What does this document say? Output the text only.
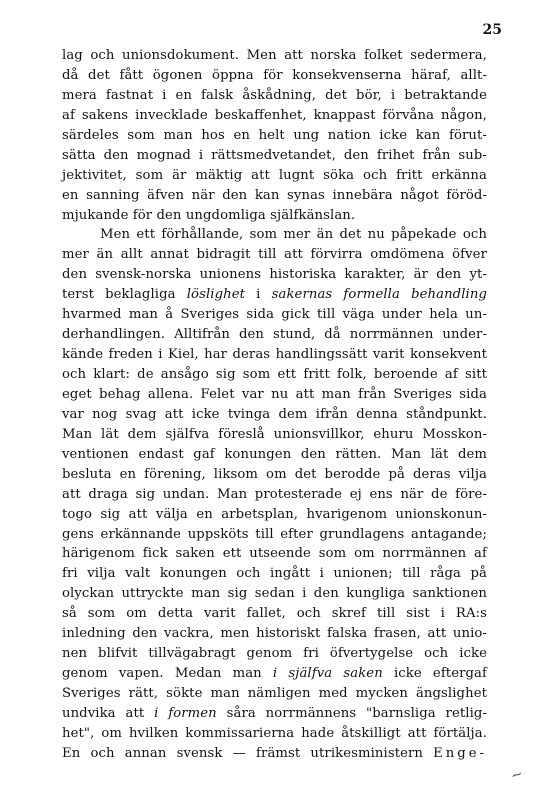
25
lag och unionsdokument. Men att norska folket sedermera,
då det fått ögonen öppna för konsekvenserna häraf, allt-
mera fastnat i en falsk åskådning, det bör, i betraktande
af sakens invecklade beskaffenhet, knappast förvåna någon,
särdeles som man hos en helt ung nation icke kan förut-
sätta den mognad i rättsmedvetandet, den frihet från sub-
jektivitet, som är mäktig att lugnt söka och fritt erkänna
en sanning äfven när den kan synas innebära något föröd-
mjukande för den ungdomliga själfkänslan.
Men ett förhållande, som mer än det nu påpekade och
mer än allt annat bidragit till att förvirra omdömena öfver
den svensk-norska unionens historiska karakter, är den yt-
terst beklagliga löslighet i sakernas formella behandling
hvarmed man å Sveriges sida gick till väga under hela un-
derhandlingen. Alltifrån den stund, då norrmännen under-
kände freden i Kiel, har deras handlingssätt varit konsekvent
och klart: de ansågo sig som ett fritt folk, beroende af sitt
eget behag allena. Felet var nu att man från Sveriges sida
var nog svag att icke tvinga dem ifrån denna ståndpunkt.
Man lät dem själfva föreslå unionsvillkor, ehuru Mosskon-
ventionen endast gaf konungen den rätten. Man lät dem
besluta en förening, liksom om det berodde på deras vilja
att draga sig undan. Man protesterade ej ens när de före-
togo sig att välja en arbetsplan, hvarigenom unionskonun-
gens erkännande uppsköts till efter grundlagens antagande;
härigenom fick saken ett utseende som om norrmännen af
fri vilja valt konungen och ingått i unionen; till råga på
olyckan uttryckte man sig sedan i den kungliga sanktionen
så som om detta varit fallet, och skref till sist i RA:s
inledning den vackra, men historiskt falska frasen, att unio-
nen blifvit tillvägabragt genom fri öfvertygelse och icke
genom vapen. Medan man i själfva saken icke eftergaf
Sveriges rätt, sökte man nämligen med mycken ängslighet
undvika att i formen såra norrmännens "barnsliga retlig-
het", om hvilken kommissarierna hade åtskilligt att förtälja.
En och annan svensk — främst utrikesministern Enge-
⁓
